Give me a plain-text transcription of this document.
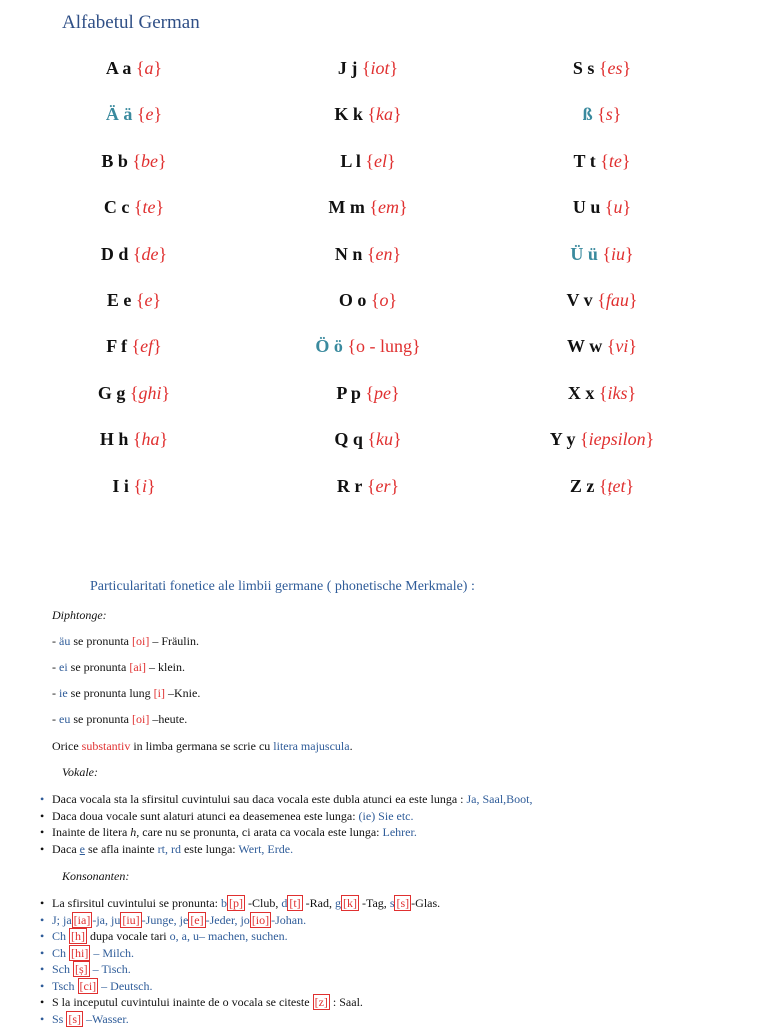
Alfabetul German
A a {a}
Ä ä {e}
B b {be}
C c {te}
D d {de}
E e {e}
F f {ef}
G g {ghi}
H h {ha}
I i {i}
J j {iot}
K k {ka}
L l {el}
M m {em}
N n {en}
O o {o}
Ö ö {o - lung}
P p {pe}
Q q {ku}
R r {er}
S s {es}
ß {s}
T t {te}
U u {u}
Ü ü {iu}
V v {fau}
W w {vi}
X x {iks}
Y y {iepsilon}
Z z {țet}
Particularitati fonetice ale limbii germane ( phonetische Merkmale) :
Diphtonge:
- äu se pronunta [oi] – Fräulin.
- ei se pronunta [ai] – klein.
- ie se pronunta lung [i] –Knie.
- eu se pronunta [oi] –heute.
Orice substantiv in limba germana se scrie cu litera majuscula.
Vokale:
• Daca vocala sta la sfirsitul cuvintului sau daca vocala este dubla atunci ea este lunga : Ja, Saal,Boot,
• Daca doua vocale sunt alaturi atunci ea deasemenea este lunga: (ie) Sie etc.
• Inainte de litera h, care nu se pronunta, ci arata ca vocala este lunga: Lehrer.
• Daca e se afla inainte rt, rd este lunga: Wert, Erde.
Konsonanten:
• La sfirsitul cuvintului se pronunta: b [p] -Club, d [t] -Rad, g [k] -Tag, s [s] -Glas.
• J; ja [ia] -ja, ju [iu] -Junge, je [e] -Jeder, jo [io] -Johan.
• Ch [h] dupa vocale tari o, a, u– machen, suchen.
• Ch [hi] – Milch.
• Sch [ș] – Tisch.
• Tsch [ci] – Deutsch.
• S la inceputul cuvintului inainte de o vocala se citeste [z] : Saal.
• Ss [s] –Wasser.
